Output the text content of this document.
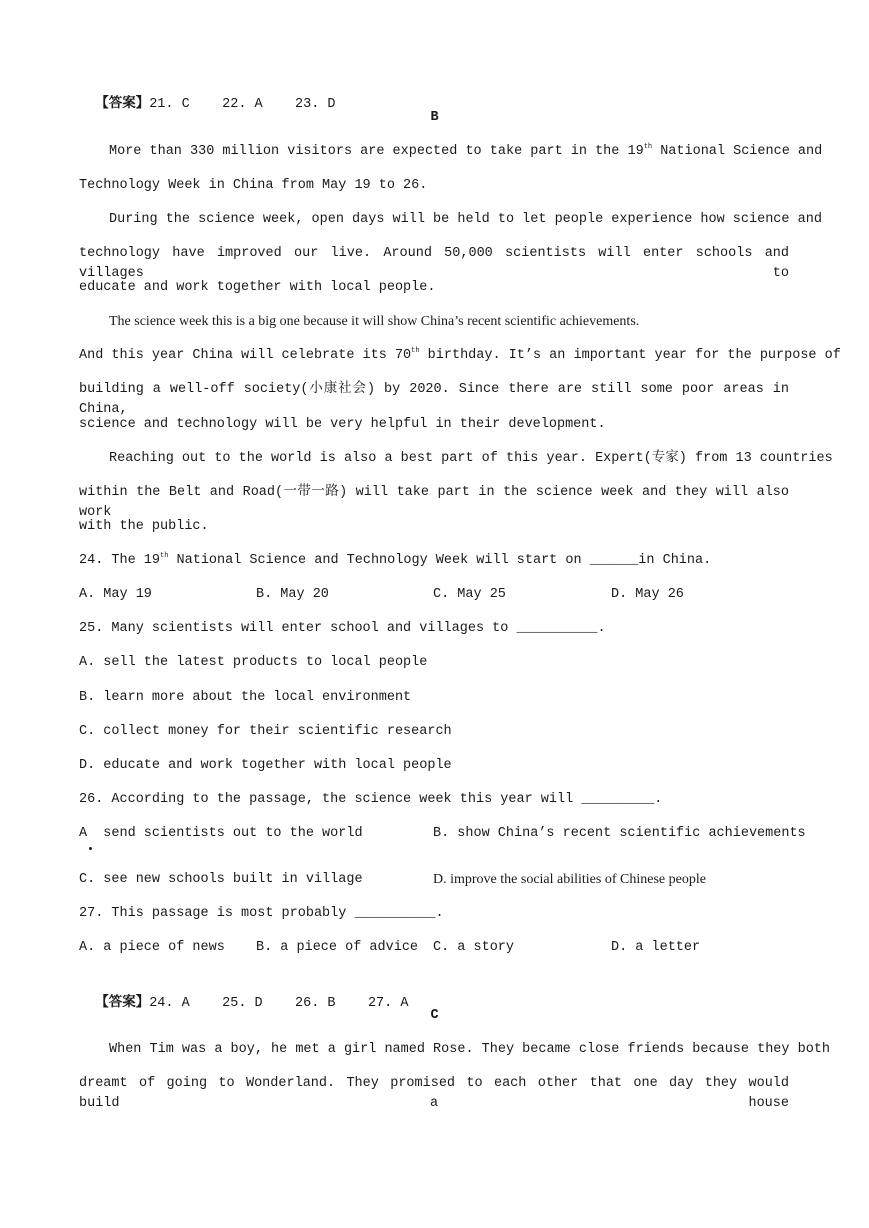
【答案】21. C    22. A    23. D

B
More than 330 million visitors are expected to take part in the 19th National Science and
Technology Week in China from May 19 to 26.
During the science week, open days will be held to let people experience how science and
technology have improved our live. Around 50,000 scientists will enter schools and villages to
educate and work together with local people.
The science week this is a big one because it will show China’s recent scientific achievements.
And this year China will celebrate its 70th birthday. It’s an important year for the purpose of
building a well-off society(小康社会) by 2020. Since there are still some poor areas in China,
science and technology will be very helpful in their development.
Reaching out to the world is also a best part of this year. Expert(专家) from 13 countries
within the Belt and Road(一带一路) will take part in the science week and they will also work
with the public.
24. The 19th National Science and Technology Week will start on ______in China.
A. May 19	B. May 20	C. May 25	D. May 26
25. Many scientists will enter school and villages to __________.
A. sell the latest products to local people
B. learn more about the local environment
C. collect money for their scientific research
D. educate and work together with local people
26. According to the passage, the science week this year will _________.
A  send scientists out to the world	B. show China’s recent scientific achievements
C. see new schools built in village	D. improve the social abilities of Chinese people
27. This passage is most probably __________.
A. a piece of news B. a piece of advice C. a story	D. a letter

【答案】24. A    25. D    26. B    27. A

C
When Tim was a boy, he met a girl named Rose. They became close friends because they both
dreamt of going to Wonderland. They promised to each other that one day they would build a house
